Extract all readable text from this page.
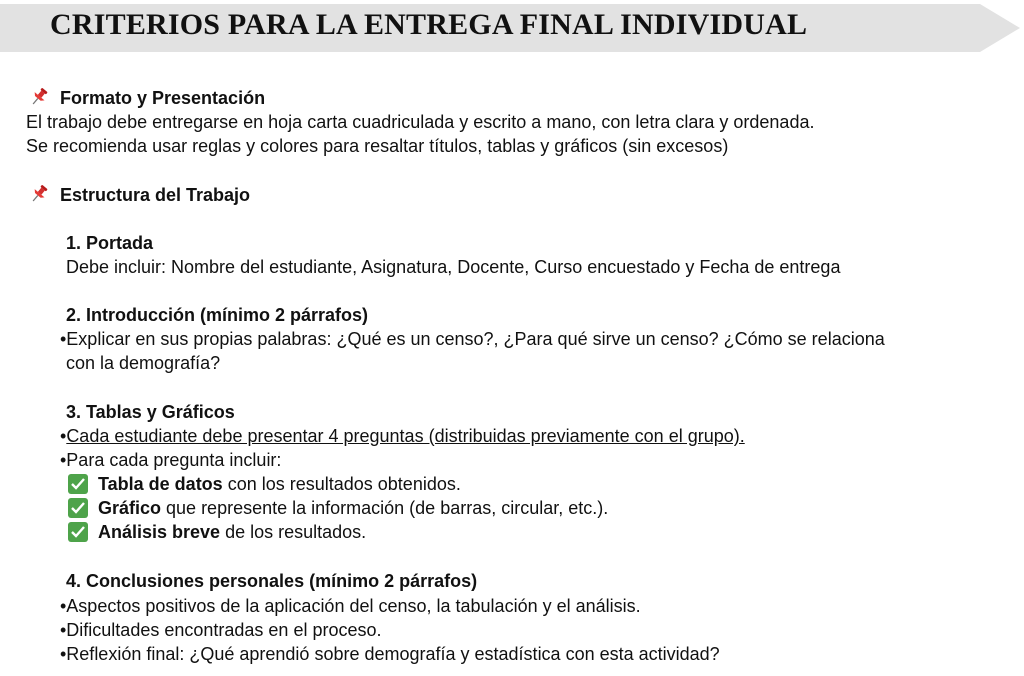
CRITERIOS PARA LA ENTREGA FINAL INDIVIDUAL
Formato y Presentación
El trabajo debe entregarse en hoja carta cuadriculada y escrito a mano, con letra clara y ordenada.
Se recomienda usar reglas y colores para resaltar títulos, tablas y gráficos (sin excesos)
Estructura del Trabajo
1. Portada
Debe incluir: Nombre del estudiante, Asignatura, Docente, Curso encuestado y Fecha de entrega
2. Introducción (mínimo 2 párrafos)
•Explicar en sus propias palabras: ¿Qué es un censo?, ¿Para qué sirve un censo? ¿Cómo se relaciona
con la demografía?
3. Tablas y Gráficos
•Cada estudiante debe presentar 4 preguntas (distribuidas previamente con el grupo).
•Para cada pregunta incluir:
Tabla de datos con los resultados obtenidos.
Gráfico que represente la información (de barras, circular, etc.).
Análisis breve de los resultados.
4. Conclusiones personales (mínimo 2 párrafos)
•Aspectos positivos de la aplicación del censo, la tabulación y el análisis.
•Dificultades encontradas en el proceso.
•Reflexión final: ¿Qué aprendió sobre demografía y estadística con esta actividad?
